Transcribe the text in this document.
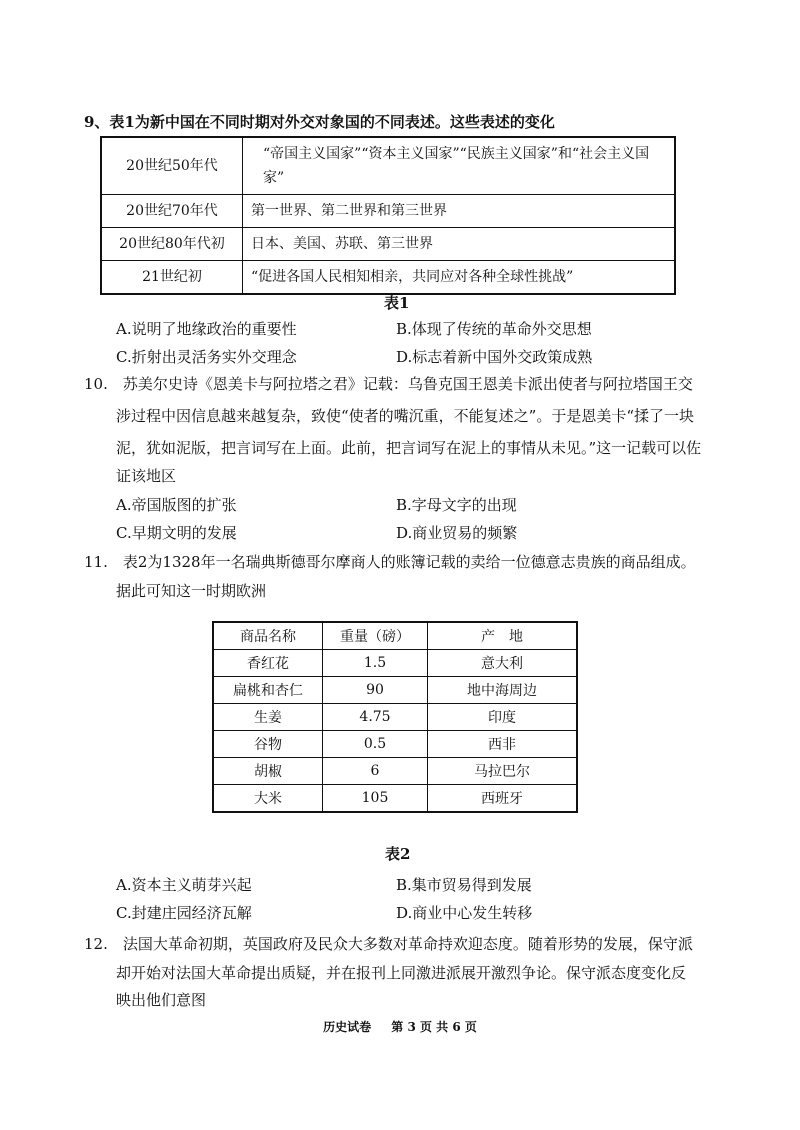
9、表1为新中国在不同时期对外交对象国的不同表述。这些表述的变化
20世纪50年代	“帝国主义国家”“资本主义国家”“民族主义国家”和“社会主义国家”
20世纪70年代	第一世界、第二世界和第三世界
20世纪80年代初	日本、美国、苏联、第三世界
21世纪初	“促进各国人民相知相亲，共同应对各种全球性挑战”
表1
A.说明了地缘政治的重要性	B.体现了传统的革命外交思想
C.折射出灵活务实外交理念	D.标志着新中国外交政策成熟
10.　苏美尔史诗《恩美卡与阿拉塔之君》记载：乌鲁克国王恩美卡派出使者与阿拉塔国王交
涉过程中因信息越来越复杂，致使“使者的嘴沉重，不能复述之”。于是恩美卡“揉了一块
泥，犹如泥版，把言词写在上面。此前，把言词写在泥上的事情从未见。”这一记载可以佐
证该地区
A.帝国版图的扩张	B.字母文字的出现
C.早期文明的发展	D.商业贸易的频繁
11.　表2为1328年一名瑞典斯德哥尔摩商人的账簿记载的卖给一位德意志贵族的商品组成。
据此可知这一时期欧洲
商品名称	重量（磅）	产　地
香红花	1.5	意大利
扁桃和杏仁	90	地中海周边
生姜	4.75	印度
谷物	0.5	西非
胡椒	6	马拉巴尔
大米	105	西班牙
表2
A.资本主义萌芽兴起	B.集市贸易得到发展
C.封建庄园经济瓦解	D.商业中心发生转移
12.　法国大革命初期，英国政府及民众大多数对革命持欢迎态度。随着形势的发展，保守派
却开始对法国大革命提出质疑，并在报刊上同激进派展开激烈争论。保守派态度变化反
映出他们意图
历史试卷 第 3 页 共 6 页
